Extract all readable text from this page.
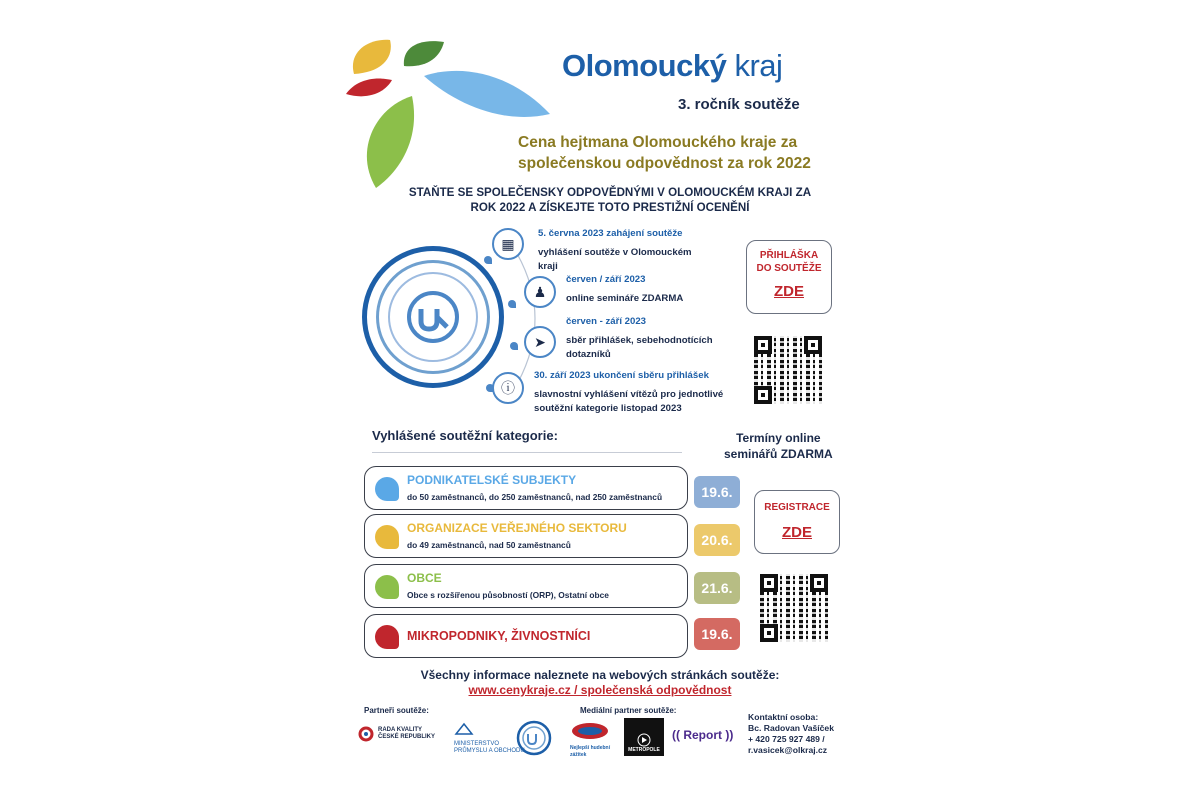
Olomoucký kraj
3. ročník soutěže
Cena hejtmana Olomouckého kraje za
společenskou odpovědnost za rok 2022
STAŇTE SE SPOLEČENSKY ODPOVĚDNÝMI V OLOMOUCKÉM KRAJI ZA
ROK 2022 A ZÍSKEJTE TOTO PRESTIŽNÍ OCENĚNÍ
▦
5. června 2023 zahájení soutěže
vyhlášení soutěže v Olomouckém
kraji
♟
červen / září 2023
online semináře ZDARMA
➤
červen - září 2023
sběr přihlášek, sebehodnotících
dotazníků
ⓘ
30. září 2023 ukončení sběru přihlášek
slavnostní vyhlášení vítězů pro jednotlivé
soutěžní kategorie listopad 2023
PŘIHLÁŠKA
DO SOUTĚŽE
ZDE
Vyhlášené soutěžní kategorie:	Termíny online
seminářů ZDARMA
PODNIKATELSKÉ SUBJEKTY
do 50 zaměstnanců, do 250 zaměstnanců, nad 250 zaměstnanců	19.6.
ORGANIZACE VEŘEJNÉHO SEKTORU
do 49 zaměstnanců, nad 50 zaměstnanců	20.6.
OBCE
Obce s rozšířenou působností (ORP), Ostatní obce	21.6.
MIKROPODNIKY, ŽIVNOSTNÍCI	19.6.
REGISTRACE
ZDE
Všechny informace naleznete na webových stránkách soutěže:
www.cenykraje.cz / společenská odpovědnost
Partneři soutěže:	Mediální partner soutěže:
RADA KVALITY
ČESKÉ REPUBLIKY
MINISTERSTVO
PRŮMYSLU A OBCHODU	Nejlepší hudební zážitek
METROPOLE
(( Report ))
Kontaktní osoba:
Bc. Radovan Vašíček
+ 420 725 927 489 /
r.vasicek@olkraj.cz
